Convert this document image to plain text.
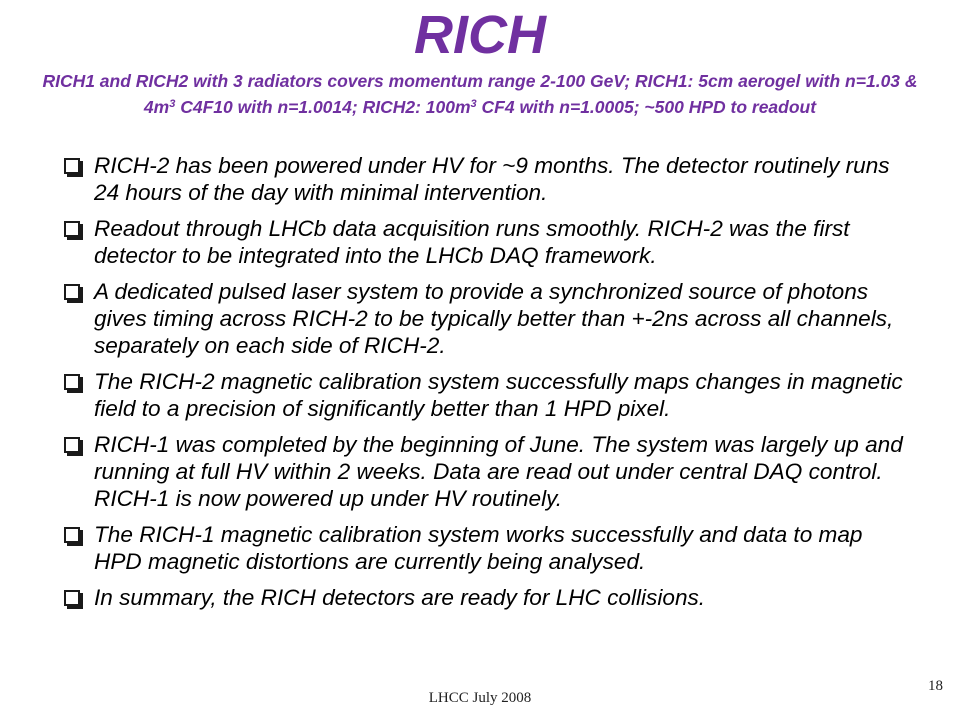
RICH
RICH1 and RICH2 with 3 radiators covers momentum range 2-100 GeV; RICH1: 5cm aerogel with n=1.03 & $4m^3$ C4F10 with n=1.0014; RICH2: $100m^3$ CF4 with n=1.0005; ~500 HPD to readout
RICH-2 has been powered under HV for ~9 months. The detector routinely runs 24 hours of the day with minimal intervention.
Readout through LHCb data acquisition runs smoothly. RICH-2 was the first detector to be integrated into the LHCb DAQ framework.
A dedicated pulsed laser system to provide a synchronized source of photons gives timing across RICH-2 to be typically better than +-2ns across all channels, separately on each side of RICH-2.
The RICH-2 magnetic calibration system successfully maps changes in magnetic field to a precision of significantly better than 1 HPD pixel.
RICH-1 was completed by the beginning of June. The system was largely up and running at full HV within 2 weeks. Data are read out under central DAQ control. RICH-1 is now powered up under HV routinely.
The RICH-1 magnetic calibration system works successfully and data to map HPD magnetic distortions are currently being analysed.
In summary, the RICH detectors are ready for LHC collisions.
LHCC July 2008
18
